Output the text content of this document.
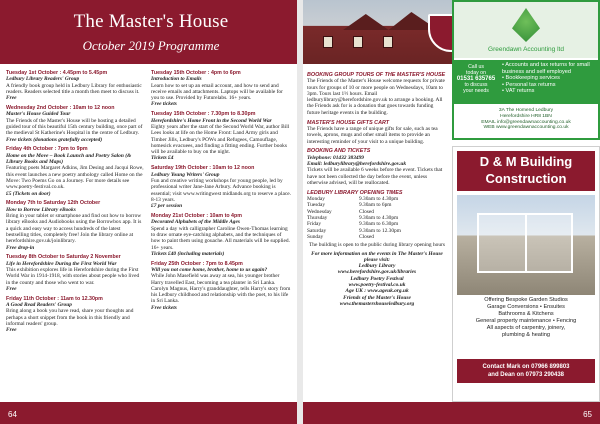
The Master's House
October 2019 Programme
Tuesday 1st October : 4.45pm to 5.45pm
Ledbury Library Readers' Group
A friendly book group held in Ledbury Library for enthusiastic readers. Readers selected title a month then meet to discuss it.
Free
Wednesday 2nd October : 10am to 12 noon
Master's House Guided Tour
The Friends of the Master's House will be hosting a detailed guided tour of this beautiful 15th century building, once part of the medieval St Katherine's Hospital in the centre of Ledbury.
Free tickets (donations gratefully accepted)
Friday 4th October : 7pm to 9pm
Home on the Move – Book Launch and Poetry Salon (& Library Books and Maps)
Featuring poets Margaret Adkins, Jim Desing and Jacqui Rowe, this event launches a new poetry anthology called Home on the Move: Two Poems Go on a Journey. For more details see www.poetry-festival.co.uk.
£5 (Tickets on door)
Monday 7th to Saturday 12th October
How to Borrow Library eBooks
Bring in your tablet or smartphone and find out how to borrow library eBooks and Audiobooks using the Borrowbox app. It is a quick and easy way to access hundreds of the latest bestselling titles, completely free! Join the library online at herefordshire.gov.uk/joinlibrary.
Free drop-in
Tuesday 8th October to Saturday 2 November
Life in Herefordshire During the First World War
This exhibition explores life in Herefordshire during the First World War in 1914-1918, with stories about people who lived in the county and those who went to war.
Free
Friday 11th October : 11am to 12.30pm
A Good Read Readers' Group
Bring along a book you have read, share your thoughts and perhaps a short snippet from the book in this friendly and informal readers' group.
Free
Tuesday 15th October : 4pm to 6pm
Introduction to Emails
Learn how to set up an email account, and how to send and receive emails and attachments. Laptops will be available for you to use. Provided by Futurelabs. 16+ years.
Free tickets
Tuesday 15th October : 7.30pm to 8.30pm
Herefordshire's Home Front in the Second World War
Eighty years after the start of the Second World War, author Bill Lees looks at life on the Home Front: Land Army girls and Timber Jills, Ledbury's POWs and Refugees, Camouflage, homesick evacuees, and finding a fitting ending. Further books will be available to buy on the night.
Tickets £4
Saturday 19th October : 10am to 12 noon
Ledbury Young Writers' Group
Fun and creative writing workshops for young people, led by professional writer Jane-Jane Arbury. Advance booking is essential; visit www.writingwest midlands.org to reserve a place. 8-13 years.
£7 per session
Monday 21st October : 10am to 4pm
Decorated Alphabets of the Middle Ages
Spend a day with calligrapher Caroline Owen-Thomas learning to draw ornate eye-catching alphabets, and the techniques of how to paint them using gouache. All materials will be supplied. 16+ years.
Tickets £40 (including materials)
Friday 25th October : 7pm to 8.45pm
Will you not come home, brother, home to us again?
While John Masefield was away at sea, his younger brother Harry travelled East, becoming a tea planter in Sri Lanka. Carolyn Magnus, Harry's granddaughter, tells Harry's story from his Ledbury childhood and relationship with the poet, to his life in Sri Lanka.
Free tickets
64
BOOKING GROUP TOURS OF THE MASTER'S HOUSE
The Friends of the Master's House welcome requests for private tours for groups of 10 or more people on Wednesdays, 10am to 3pm. Tours last 1½ hours. Email ledburylibrary@herefordshire.gov.uk to arrange a booking. All the Friends ask for is a donation that goes towards funding future heritage events in the building.
MASTER'S HOUSE GIFTS CART
The Friends have a range of unique gifts for sale, such as tea towels, aprons, mugs and other small items to provide an interesting reminder of your visit to a unique building.
BOOKING AND TICKETS
Telephone: 01432 383499
Email: ledburylibrary@herefordshire.gov.uk
Tickets will be available 6 weeks before the event. Tickets that have not been collected the day before the event, unless otherwise advised, will be reallocated.
LEDBURY LIBRARY OPENING TIMES
Monday	9.30am to 4.30pm
Tuesday	9.30am to 6pm
Wednesday	Closed
Thursday	9.30am to 4.30pm
Friday	9.30am to 6.30pm
Saturday	9.30am to 12.30pm
Sunday	Closed
The building is open to the public during library opening hours
For more information on the events in The Master's House please visit:
Ledbury Library
www.herefordshire.gov.uk/libraries
Ledbury Poetry Festival
www.poetry-festival.co.uk
Age UK : www.ageuk.org.uk
Friends of the Master's House
www.themastershouseledbury.org
Greendawn Accounting ltd
Call us
today on
01531 635765
to discuss
your needs
• Accounts and tax returns for small business and self employed
• Bookkeeping services
• Personal tax returns
• VAT returns
3A The Homend Ledbury
Herefordshire HR8 1BN
EMAIL info@greendawnaccounting.co.uk
WEB www.greendawnaccounting.co.uk
D & M Building
Construction
Offering Bespoke Garden Studios
Garage Conversions • Ensuites
Bathrooms & Kitchens
General property maintenance • Fencing
All aspects of carpentry, joinery,
plumbing & heating
Contact Mark on 07966 899803
and Dean on 07973 290438
65
